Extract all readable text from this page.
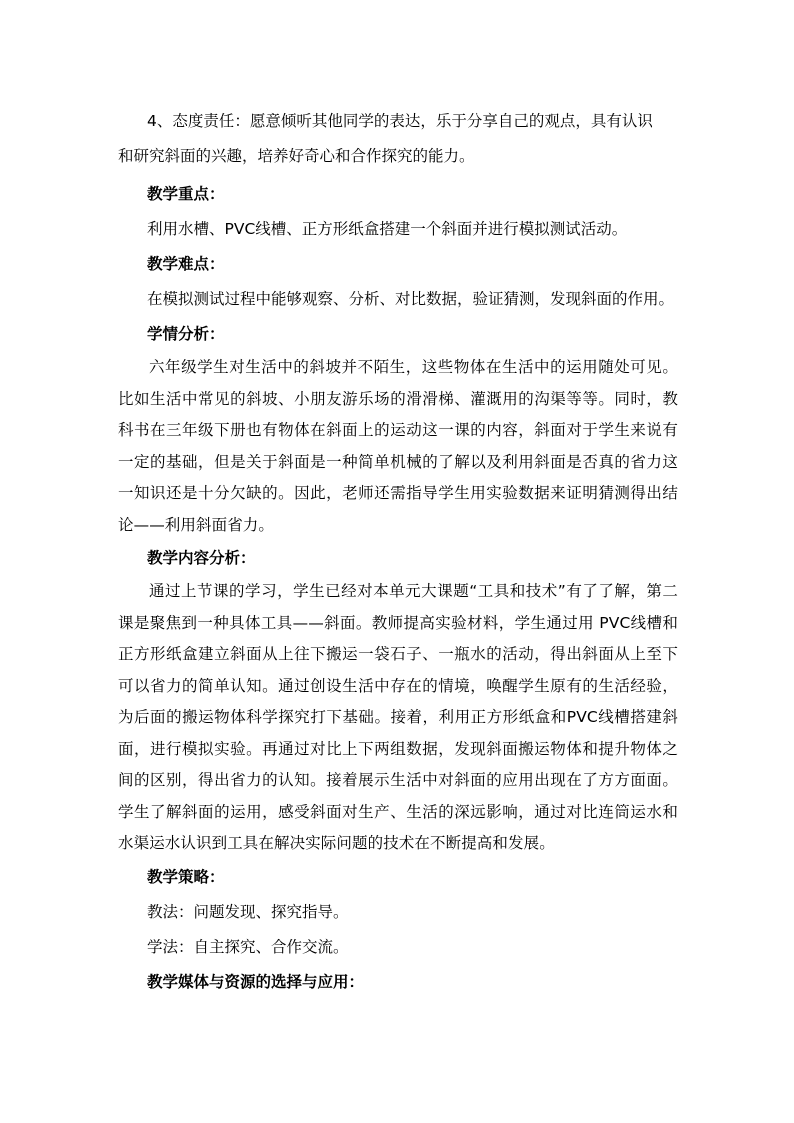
4、态度责任：愿意倾听其他同学的表达，乐于分享自己的观点，具有认识

和研究斜面的兴趣，培养好奇心和合作探究的能力。

教学重点：

利用水槽、PVC线槽、正方形纸盒搭建一个斜面并进行模拟测试活动。

教学难点：

在模拟测试过程中能够观察、分析、对比数据，验证猜测，发现斜面的作用。

学情分析：

六年级学生对生活中的斜坡并不陌生，这些物体在生活中的运用随处可见。比如生活中常见的斜坡、小朋友游乐场的滑滑梯、灌溉用的沟渠等等。同时，教科书在三年级下册也有物体在斜面上的运动这一课的内容，斜面对于学生来说有一定的基础，但是关于斜面是一种简单机械的了解以及利用斜面是否真的省力这一知识还是十分欠缺的。因此，老师还需指导学生用实验数据来证明猜测得出结论——利用斜面省力。

教学内容分析：

通过上节课的学习，学生已经对本单元大课题“工具和技术”有了了解，第二课是聚焦到一种具体工具——斜面。教师提高实验材料，学生通过用 PVC线槽和正方形纸盒建立斜面从上往下搬运一袋石子、一瓶水的活动，得出斜面从上至下可以省力的简单认知。通过创设生活中存在的情境，唤醒学生原有的生活经验，为后面的搬运物体科学探究打下基础。接着，利用正方形纸盒和PVC线槽搭建斜面，进行模拟实验。再通过对比上下两组数据，发现斜面搬运物体和提升物体之间的区别，得出省力的认知。接着展示生活中对斜面的应用出现在了方方面面。学生了解斜面的运用，感受斜面对生产、生活的深远影响，通过对比连筒运水和水渠运水认识到工具在解决实际问题的技术在不断提高和发展。

教学策略：

教法：问题发现、探究指导。

学法：自主探究、合作交流。

教学媒体与资源的选择与应用：
